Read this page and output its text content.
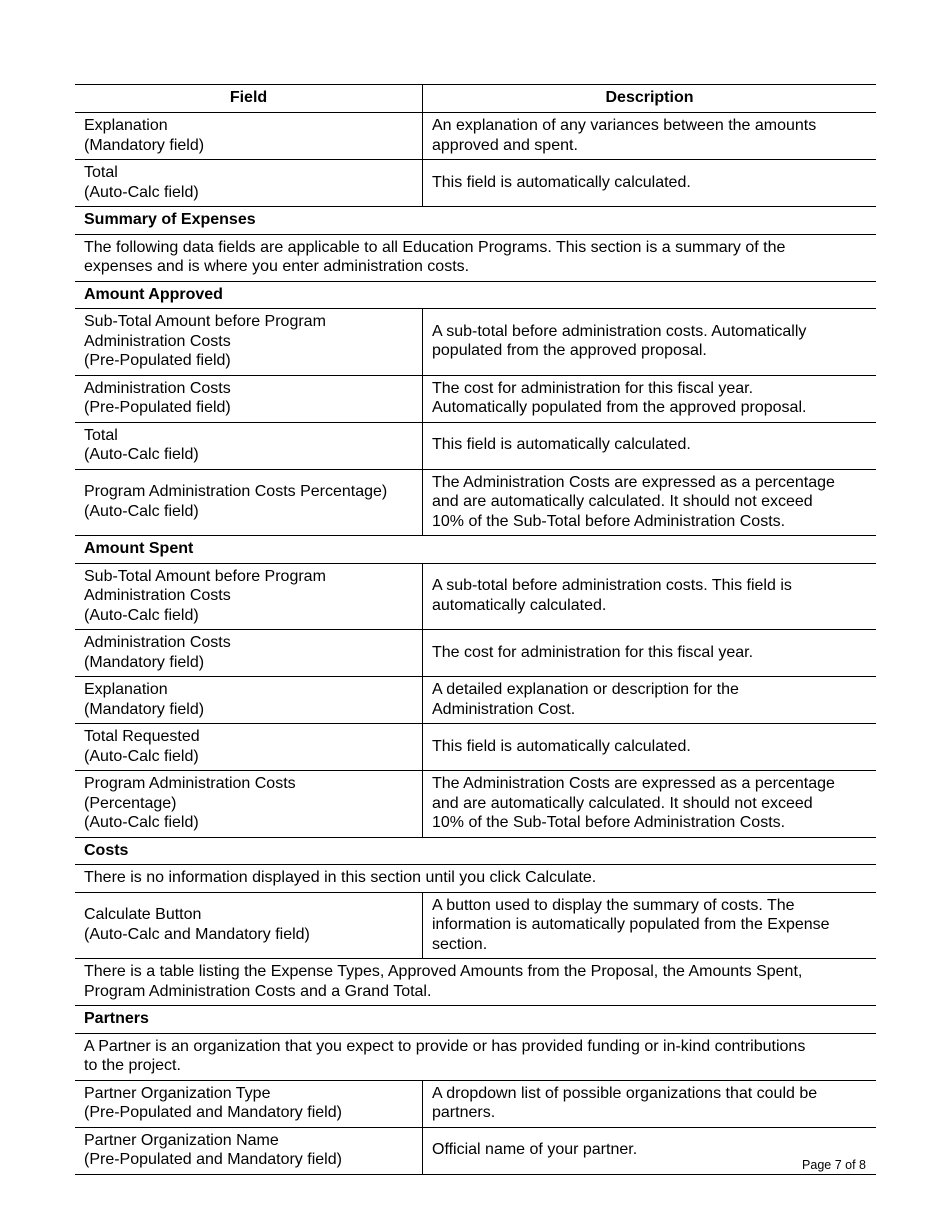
Field	Description

Explanation
(Mandatory field)	An explanation of any variances between the amounts
approved and spent.

Total
(Auto-Calc field)	This field is automatically calculated.

Summary of Expenses	

The following data fields are applicable to all Education Programs. This section is a summary of the
expenses and is where you enter administration costs.	

Amount Approved	

Sub-Total Amount before Program
Administration Costs
(Pre-Populated field)	A sub-total before administration costs. Automatically
populated from the approved proposal.

Administration Costs
(Pre-Populated field)	The cost for administration for this fiscal year.
Automatically populated from the approved proposal.

Total
(Auto-Calc field)	This field is automatically calculated.

Program Administration Costs Percentage)
(Auto-Calc field)	The Administration Costs are expressed as a percentage
and are automatically calculated. It should not exceed
10% of the Sub-Total before Administration Costs.

Amount Spent	

Sub-Total Amount before Program
Administration Costs
(Auto-Calc field)	A sub-total before administration costs. This field is
automatically calculated.

Administration Costs
(Mandatory field)	The cost for administration for this fiscal year.

Explanation
(Mandatory field)	A detailed explanation or description for the
Administration Cost.

Total Requested
(Auto-Calc field)	This field is automatically calculated.

Program Administration Costs
(Percentage)
(Auto-Calc field)	The Administration Costs are expressed as a percentage
and are automatically calculated. It should not exceed
10% of the Sub-Total before Administration Costs.

Costs	

There is no information displayed in this section until you click Calculate.	

Calculate Button
(Auto-Calc and Mandatory field)	A button used to display the summary of costs. The
information is automatically populated from the Expense
section.

There is a table listing the Expense Types, Approved Amounts from the Proposal, the Amounts Spent,
Program Administration Costs and a Grand Total.	

Partners	

A Partner is an organization that you expect to provide or has provided funding or in-kind contributions
to the project.	

Partner Organization Type
(Pre-Populated and Mandatory field)	A dropdown list of possible organizations that could be
partners.

Partner Organization Name
(Pre-Populated and Mandatory field)	Official name of your partner.
Page 7 of 8
